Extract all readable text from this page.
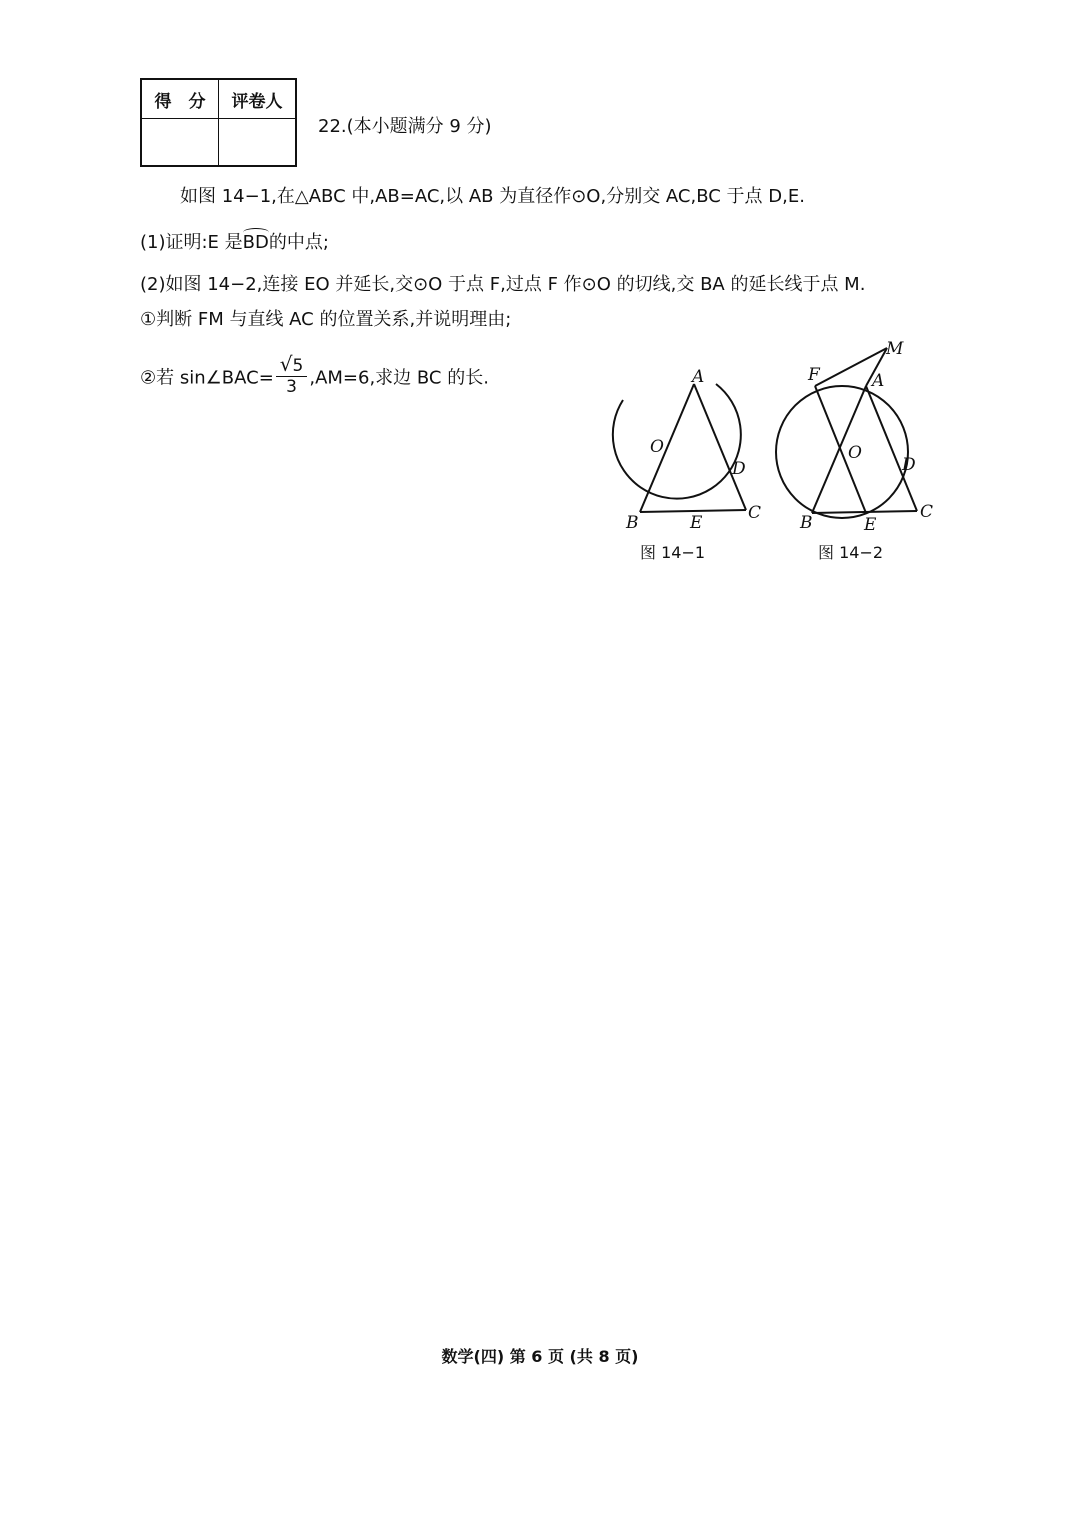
得　分	评卷人

22.(本小题满分 9 分)
如图 14−1,在△ABC 中,AB=AC,以 AB 为直径作⊙O,分别交 AC,BC 于点 D,E.
(1)证明:E 是BD的中点;
(2)如图 14−2,连接 EO 并延长,交⊙O 于点 F,过点 F 作⊙O 的切线,交 BA 的延长线于点 M.
①判断 FM 与直线 AC 的位置关系,并说明理由;
②若 sin∠BAC= $\frac{√5}{3} ,AM=6$,求边 BC 的长.	A
O
D
B	E	C
图 14−1
M
F	A
O
D
B	E
C
图 14−2
数学(四) 第 6 页 (共 8 页)
